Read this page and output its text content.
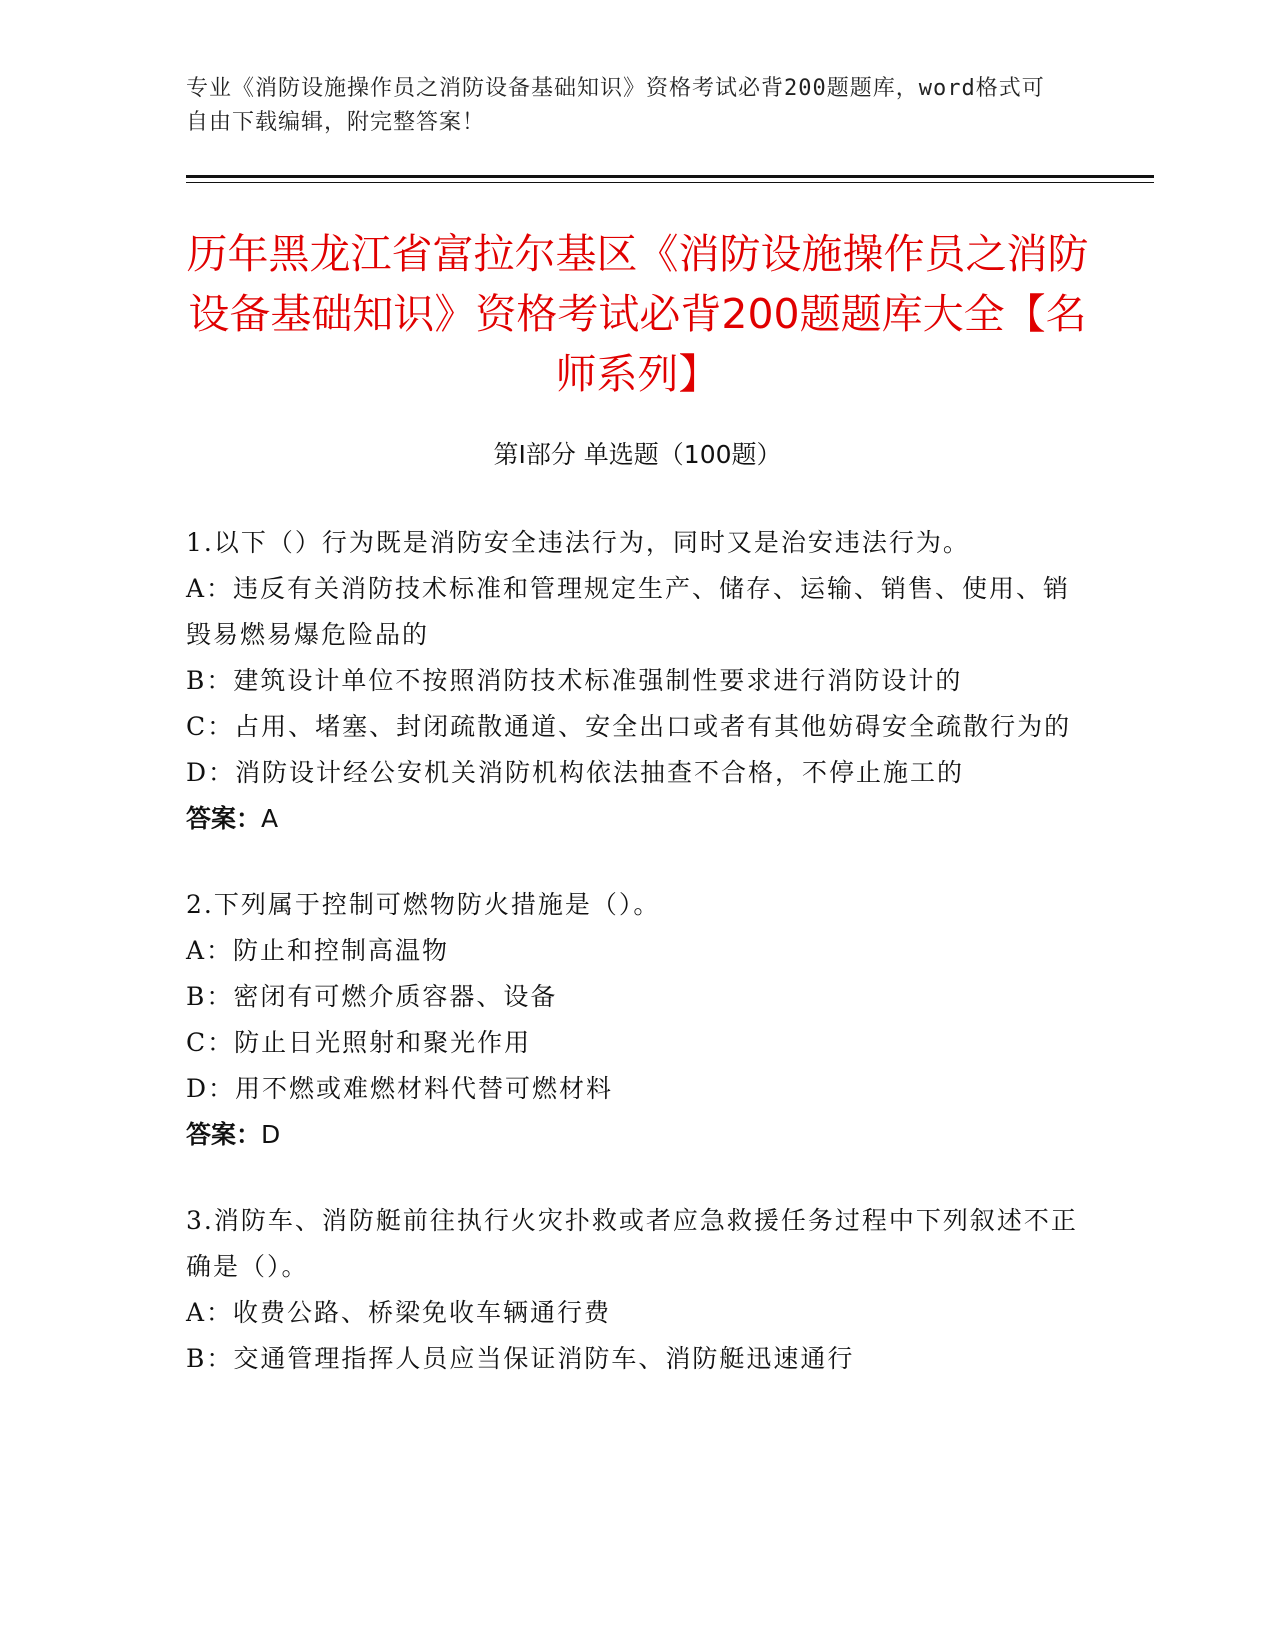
专业《消防设施操作员之消防设备基础知识》资格考试必背200题题库，word格式可自由下载编辑，附完整答案！
历年黑龙江省富拉尔基区《消防设施操作员之消防设备基础知识》资格考试必背200题题库大全【名师系列】
第Ⅰ部分 单选题（100题）
1.以下（）行为既是消防安全违法行为，同时又是治安违法行为。
A：违反有关消防技术标准和管理规定生产、储存、运输、销售、使用、销毁易燃易爆危险品的
B：建筑设计单位不按照消防技术标准强制性要求进行消防设计的
C：占用、堵塞、封闭疏散通道、安全出口或者有其他妨碍安全疏散行为的
D：消防设计经公安机关消防机构依法抽查不合格，不停止施工的
答案：A
2.下列属于控制可燃物防火措施是（）。
A：防止和控制高温物
B：密闭有可燃介质容器、设备
C：防止日光照射和聚光作用
D：用不燃或难燃材料代替可燃材料
答案：D
3.消防车、消防艇前往执行火灾扑救或者应急救援任务过程中下列叙述不正确是（）。
A：收费公路、桥梁免收车辆通行费
B：交通管理指挥人员应当保证消防车、消防艇迅速通行
